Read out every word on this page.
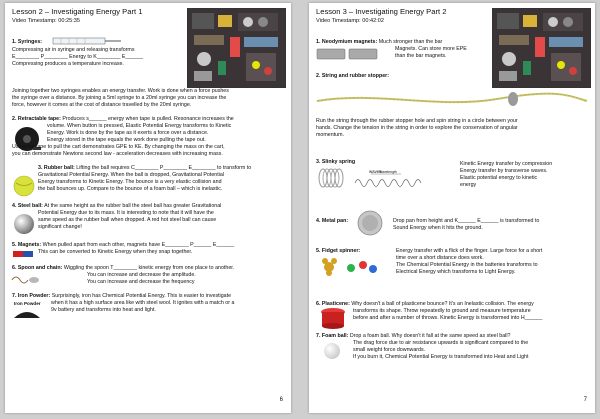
Lesson 2 – Investigating Energy Part 1
Video Timestamp: 00:25:35
1. Syringes:
Compressing air in syringe and releasing transforms
E________ P________ Energy to K________ E______
Compressing produces a temperature increase.
Joining together two syringes enables an energy transfer. Work is done when a force pushes
the syringe over a distance. By joining a 5ml syringe to a 20ml syringe you can increase the
force, however it comes at the cost of distance travelled by the 20ml syringe.
2. Retractable tape: Produces s______ energy when tape is pulled. Resonance increases the
volume. When button is pressed, Elastic Potential Energy transforms to Kinetic
Energy. Work is done by the tape as it exerts a force over a distance.
Energy stored in the tape equals the work done pulling the tape out.
Using the tape to pull the cart demonstrates GPE to KE. By changing the mass on the cart,
you can demonstrate Newtons second law - acceleration decreases with increasing mass.
3. Rubber ball: Lifting the ball requires C________ P________ E________ to transform to
Gravitational Potential Energy. When the ball is dropped, Gravitational Potential
Energy transforms to Kinetic Energy. The bounce is a very elastic collision and
the ball bounces up. Compare to the bounce of a foam ball – which is inelastic.
4. Steel ball: At the same height as the rubber ball the steel ball has greater Gravitational
Potential Energy due to its mass. It is interesting to note that it will have the
same speed as the rubber ball when dropped. A red hot steel ball can cause
significant change!
5. Magnets: When pulled apart from each other, magnets have E________ P______ E______
This can be converted to Kinetic Energy when they snap together.
6. Spoon and chain: Wiggling the spoon T________ kinetic energy from one place to another.
You can increase and decrease the amplitude.
You can increase and decrease the frequency
7. Iron Powder: Surprisingly, iron has Chemical Potential Energy. This is easier to investigate
Iron Powder when it has a high surface area like with steel wool. It ignites with a match or a
9v battery and transforms into heat and light.
6
Lesson 3 – Investigating Energy Part 2
Video Timestamp: 00:42:02
1. Neodymium magnets: Much stronger than the bar
Magnets. Can store more EPE
than the bar magnets.
2. String and rubber stopper:
Run the string through the rubber stopper hole and spin string in a circle between your
hands. Change the tension in the string in order to explore the conservation of angular
momentum.
3. Slinky spring
waves
Wavelength
Kinetic Energy transfer by compression
Energy transfer by transverse waves.
Elastic potential energy to kinetic
energy
4. Metal pan:	Drop pan from height and K______ E______ is transformed to
Sound Energy when it hits the ground.
5. Fidget spinner:	Energy transfer with a flick of the finger. Large force for a short
time over a short distance does work.
The Chemical Potential Energy in the batteries transforms to
Electrical Energy which transforms to Light Energy.
6. Plasticene: Why doesn't a ball of plasticene bounce? It's an Inelastic collision. The energy
transforms its shape. Throw repeatedly to ground and measure temperature
before and after a number of throws. Kinetic Energy is transformed into H______
7. Foam ball: Drop a foam ball. Why doesn't it fall at the same speed as steel ball?
The drag force due to air resistance upwards is significant compared to the
small weight force downwards.
If you burn it, Chemical Potential Energy is transformed into Heat and Light
7
